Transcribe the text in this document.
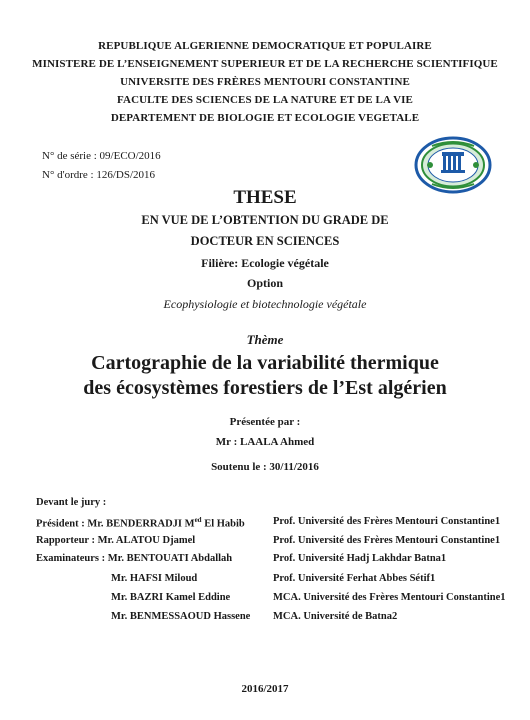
REPUBLIQUE ALGERIENNE DEMOCRATIQUE ET POPULAIRE
MINISTERE DE L’ENSEIGNEMENT SUPERIEUR ET DE LA RECHERCHE SCIENTIFIQUE
UNIVERSITE DES FRÈRES MENTOURI CONSTANTINE
FACULTE DES SCIENCES DE LA NATURE ET DE LA VIE
DEPARTEMENT DE BIOLOGIE ET ECOLOGIE VEGETALE
N° de série : 09/ECO/2016
N° d'ordre : 126/DS/2016
THESE
EN VUE DE L’OBTENTION DU GRADE DE
DOCTEUR EN SCIENCES
Filière: Ecologie végétale
Option
Ecophysiologie et biotechnologie végétale
Thème
Cartographie de la variabilité thermique
des écosystèmes forestiers de l’Est algérien
Présentée par :
Mr : LAALA Ahmed
Soutenu le : 30/11/2016
Devant le jury :
Président : Mr. BENDERRADJI $M^{ed}$ El Habib	Prof. Université des Frères Mentouri Constantine1
Rapporteur : Mr. ALATOU Djamel	Prof. Université des Frères Mentouri Constantine1
Examinateurs : Mr. BENTOUATI Abdallah	Prof. Université Hadj Lakhdar Batna1
Mr. HAFSI Miloud	Prof. Université Ferhat Abbes Sétif1
Mr. BAZRI Kamel Eddine	MCA. Université des Frères Mentouri Constantine1
Mr. BENMESSAOUD Hassene MCA. Université de Batna2
2016/2017
